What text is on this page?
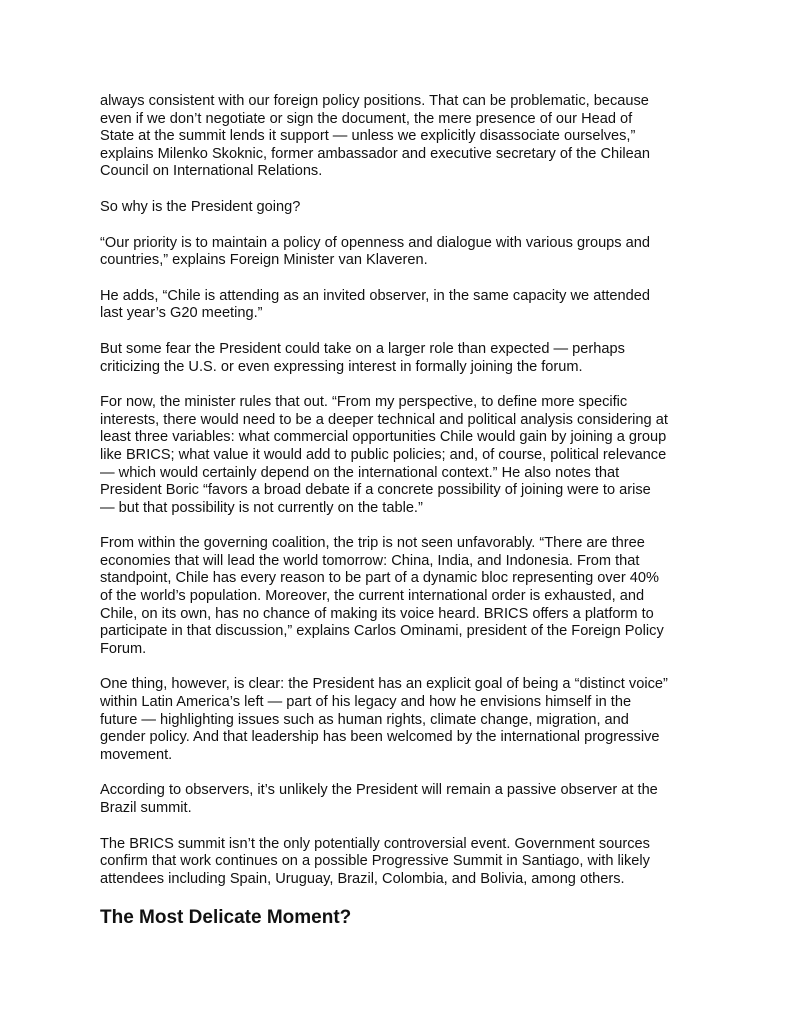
always consistent with our foreign policy positions. That can be problematic, because
even if we don’t negotiate or sign the document, the mere presence of our Head of
State at the summit lends it support — unless we explicitly disassociate ourselves,”
explains Milenko Skoknic, former ambassador and executive secretary of the Chilean
Council on International Relations.

So why is the President going?

“Our priority is to maintain a policy of openness and dialogue with various groups and
countries,” explains Foreign Minister van Klaveren.

He adds, “Chile is attending as an invited observer, in the same capacity we attended
last year’s G20 meeting.”

But some fear the President could take on a larger role than expected — perhaps
criticizing the U.S. or even expressing interest in formally joining the forum.

For now, the minister rules that out. “From my perspective, to define more specific
interests, there would need to be a deeper technical and political analysis considering at
least three variables: what commercial opportunities Chile would gain by joining a group
like BRICS; what value it would add to public policies; and, of course, political relevance
— which would certainly depend on the international context.” He also notes that
President Boric “favors a broad debate if a concrete possibility of joining were to arise
— but that possibility is not currently on the table.”

From within the governing coalition, the trip is not seen unfavorably. “There are three
economies that will lead the world tomorrow: China, India, and Indonesia. From that
standpoint, Chile has every reason to be part of a dynamic bloc representing over 40%
of the world’s population. Moreover, the current international order is exhausted, and
Chile, on its own, has no chance of making its voice heard. BRICS offers a platform to
participate in that discussion,” explains Carlos Ominami, president of the Foreign Policy
Forum.

One thing, however, is clear: the President has an explicit goal of being a “distinct voice”
within Latin America’s left — part of his legacy and how he envisions himself in the
future — highlighting issues such as human rights, climate change, migration, and
gender policy. And that leadership has been welcomed by the international progressive
movement.

According to observers, it’s unlikely the President will remain a passive observer at the
Brazil summit.

The BRICS summit isn’t the only potentially controversial event. Government sources
confirm that work continues on a possible Progressive Summit in Santiago, with likely
attendees including Spain, Uruguay, Brazil, Colombia, and Bolivia, among others.

The Most Delicate Moment?
